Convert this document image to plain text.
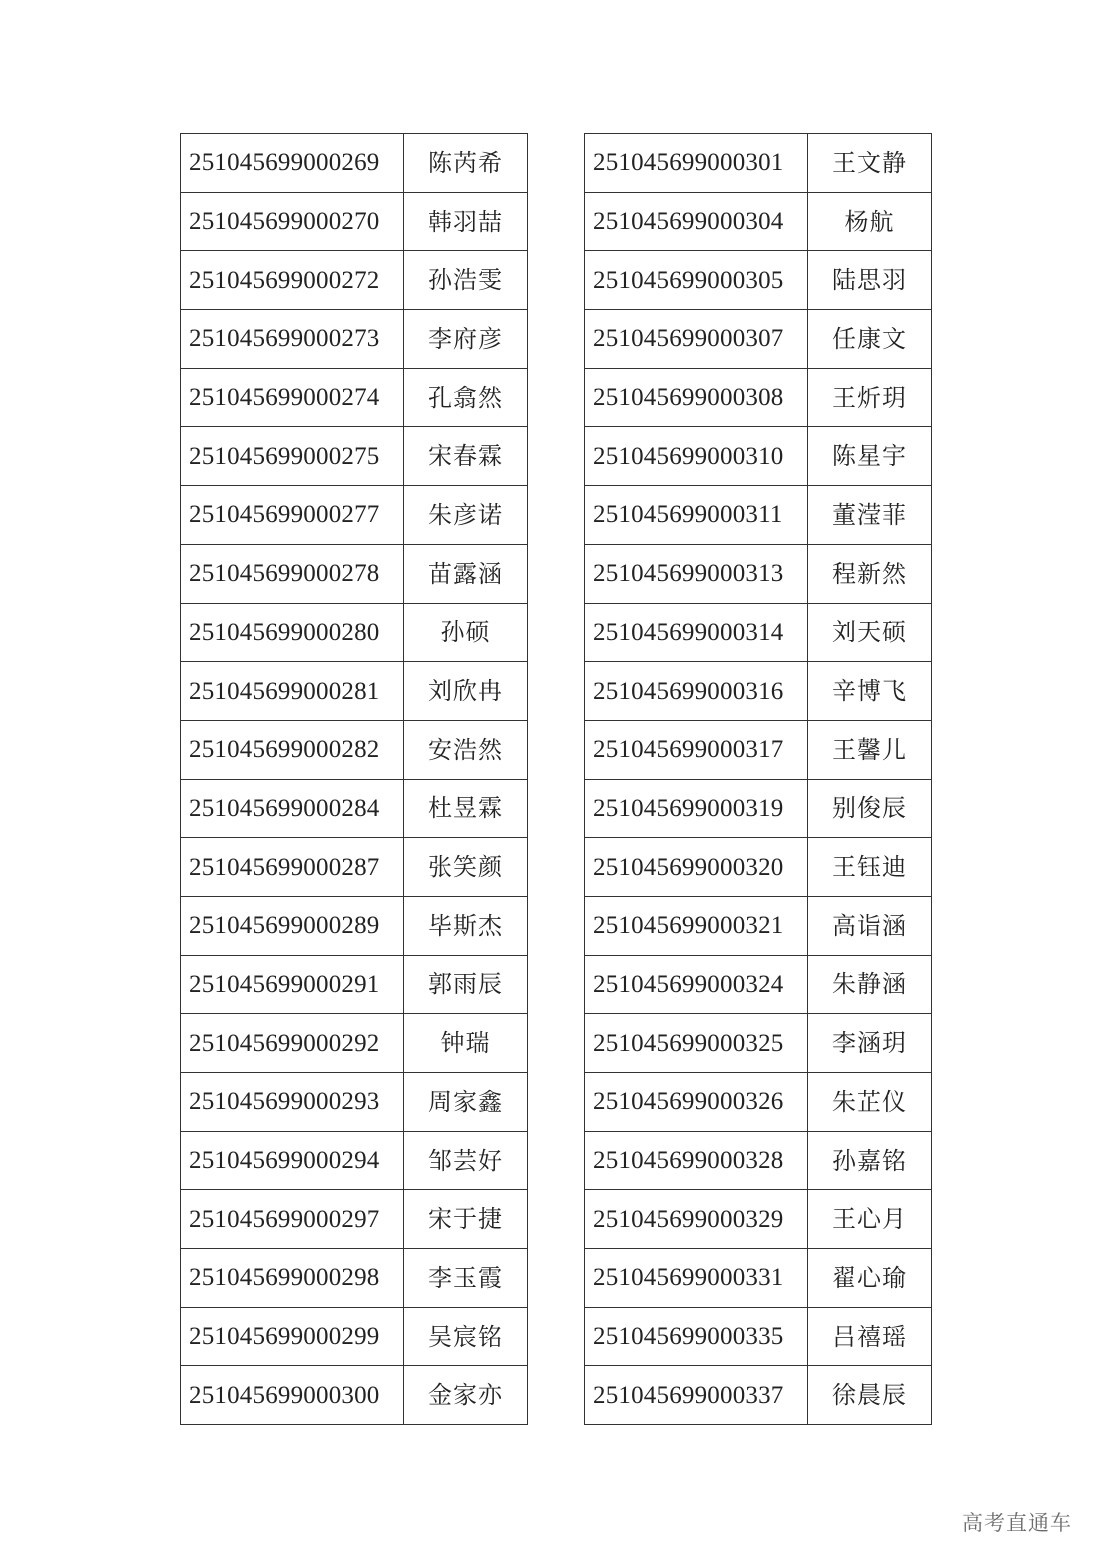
251045699000269	陈芮希
251045699000270	韩羽喆
251045699000272	孙浩雯
251045699000273	李府彦
251045699000274	孔翕然
251045699000275	宋春霖
251045699000277	朱彦诺
251045699000278	苗露涵
251045699000280	孙硕
251045699000281	刘欣冉
251045699000282	安浩然
251045699000284	杜昱霖
251045699000287	张笑颜
251045699000289	毕斯杰
251045699000291	郭雨辰
251045699000292	钟瑞
251045699000293	周家鑫
251045699000294	邹芸好
251045699000297	宋于捷
251045699000298	李玉霞
251045699000299	吴宸铭
251045699000300	金家亦
251045699000301	王文静
251045699000304	杨航
251045699000305	陆思羽
251045699000307	任康文
251045699000308	王炘玥
251045699000310	陈星宇
251045699000311	董滢菲
251045699000313	程新然
251045699000314	刘天硕
251045699000316	辛博飞
251045699000317	王馨儿
251045699000319	别俊辰
251045699000320	王钰迪
251045699000321	高诣涵
251045699000324	朱静涵
251045699000325	李涵玥
251045699000326	朱芷仪
251045699000328	孙嘉铭
251045699000329	王心月
251045699000331	翟心瑜
251045699000335	吕禧瑶
251045699000337	徐晨辰
高考直通车
